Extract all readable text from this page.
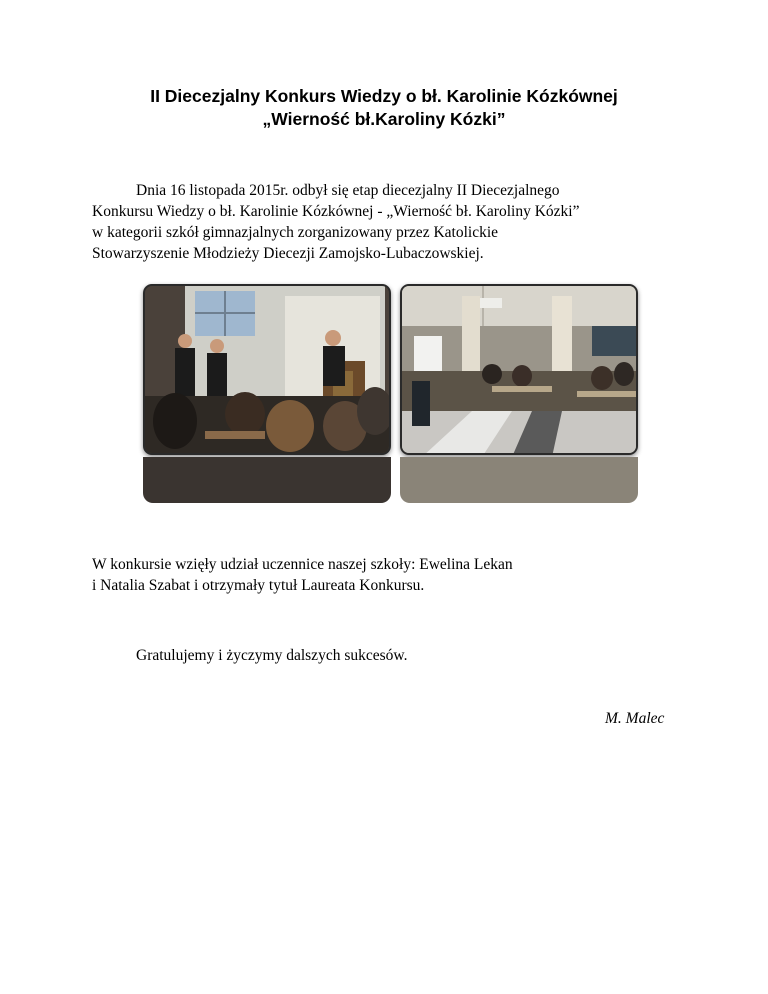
II Diecezjalny Konkurs Wiedzy o bł. Karolinie Kózkównej
„Wierność bł.Karoliny Kózki”
Dnia 16 listopada 2015r. odbył się etap diecezjalny II Diecezjalnego
Konkursu Wiedzy o bł. Karolinie Kózkównej - „Wierność bł. Karoliny Kózki”
w kategorii szkół gimnazjalnych zorganizowany przez Katolickie
Stowarzyszenie Młodzieży Diecezji Zamojsko-Lubaczowskiej.
W konkursie wzięły udział uczennice naszej szkoły: Ewelina Lekan
i Natalia Szabat i otrzymały tytuł Laureata Konkursu.
Gratulujemy i życzymy dalszych sukcesów.
M. Malec
